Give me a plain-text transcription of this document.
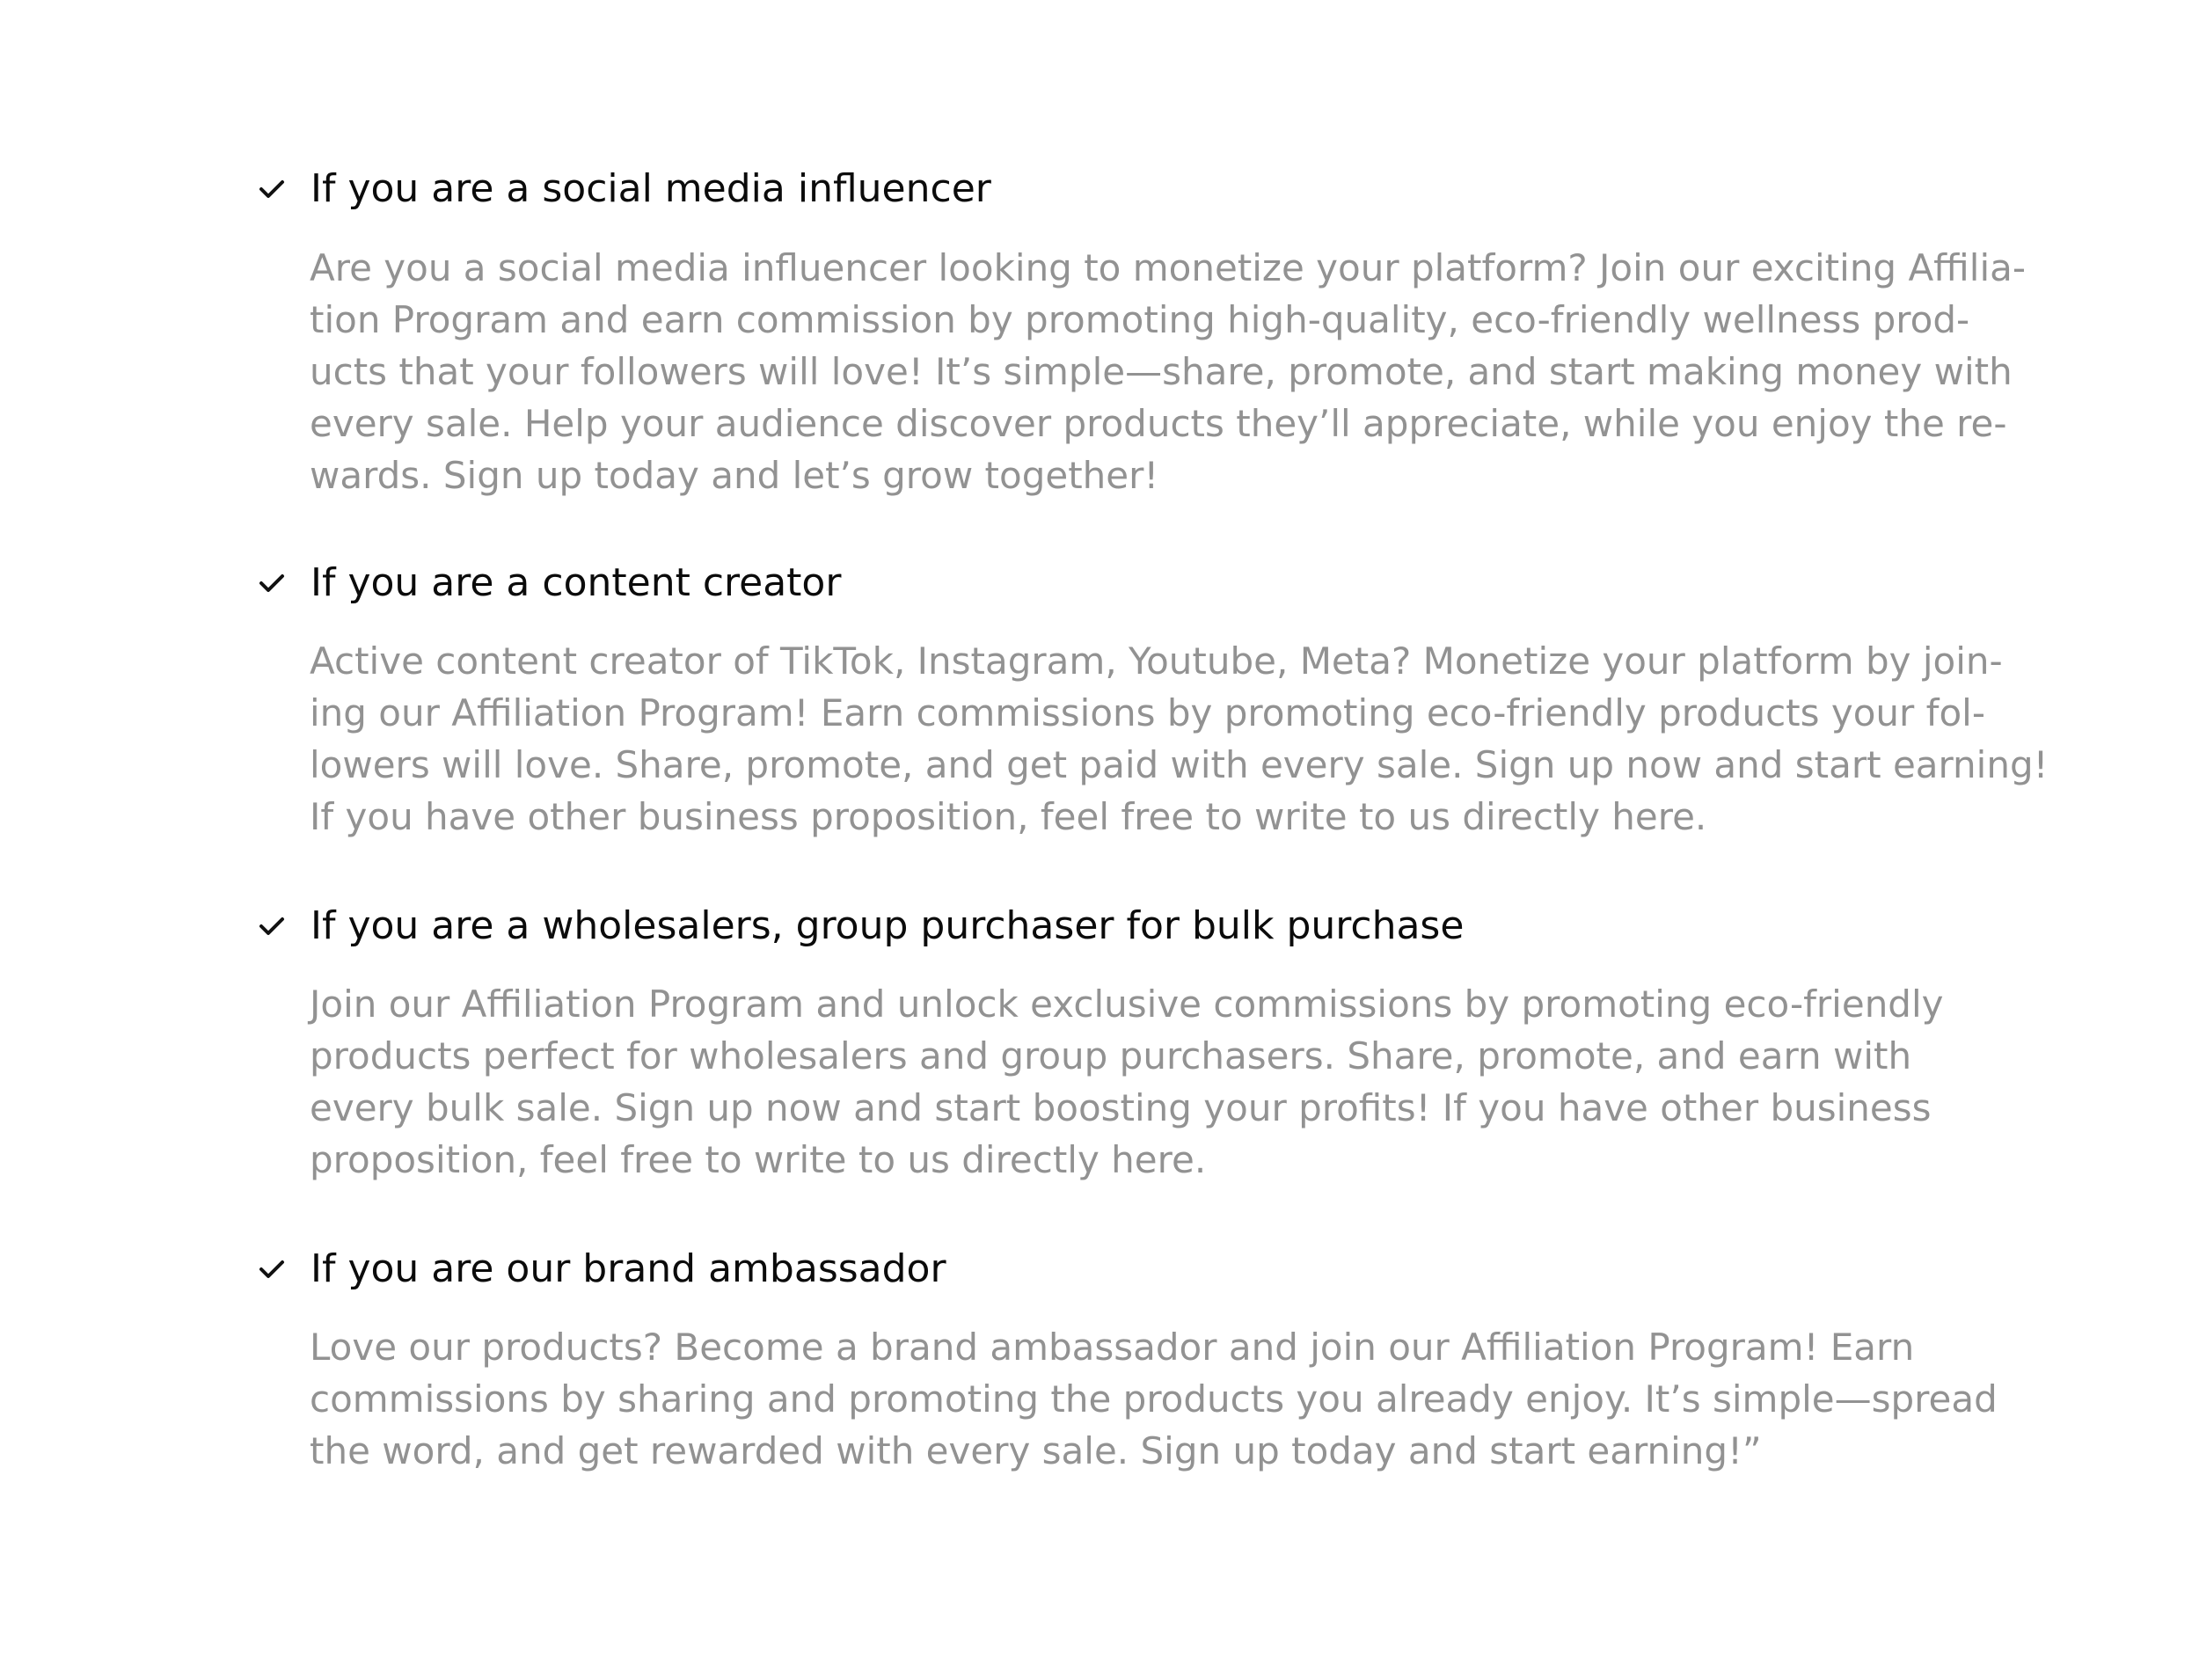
If you are a social media influencer
Are you a social media influencer looking to monetize your platform? Join our exciting Affilia-
tion Program and earn commission by promoting high-quality, eco-friendly wellness prod-
ucts that your followers will love! It’s simple—share, promote, and start making money with
every sale. Help your audience discover products they’ll appreciate, while you enjoy the re-
wards. Sign up today and let’s grow together!
If you are a content creator
Active content creator of TikTok, Instagram, Youtube, Meta? Monetize your platform by join-
ing our Affiliation Program! Earn commissions by promoting eco-friendly products your fol-
lowers will love. Share, promote, and get paid with every sale. Sign up now and start earning!
If you have other business proposition, feel free to write to us directly here.
If you are a wholesalers, group purchaser for bulk purchase
Join our Affiliation Program and unlock exclusive commissions by promoting eco-friendly
products perfect for wholesalers and group purchasers. Share, promote, and earn with
every bulk sale. Sign up now and start boosting your profits! If you have other business
proposition, feel free to write to us directly here.
If you are our brand ambassador
Love our products? Become a brand ambassador and join our Affiliation Program! Earn
commissions by sharing and promoting the products you already enjoy. It’s simple—spread
the word, and get rewarded with every sale. Sign up today and start earning!”
